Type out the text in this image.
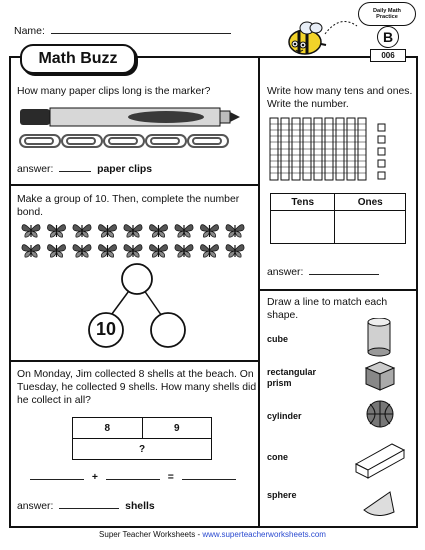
Name:
Math Buzz
Daily Math
Practice
B
006
How many paper clips long is the marker?
answer:	paper clips
Write how many tens and ones. Write the number.
Tens	Ones

answer:
Make a group of 10. Then, complete the number bond.
10
Draw a line to match each shape.
cube
rectangular prism
cylinder
cone
sphere
On Monday, Jim collected 8 shells at the beach. On Tuesday, he collected 9 shells. How many shells did he collect in all?
8	9
?
+	=
answer:	shells
Super Teacher Worksheets - www.superteacherworksheets.com
